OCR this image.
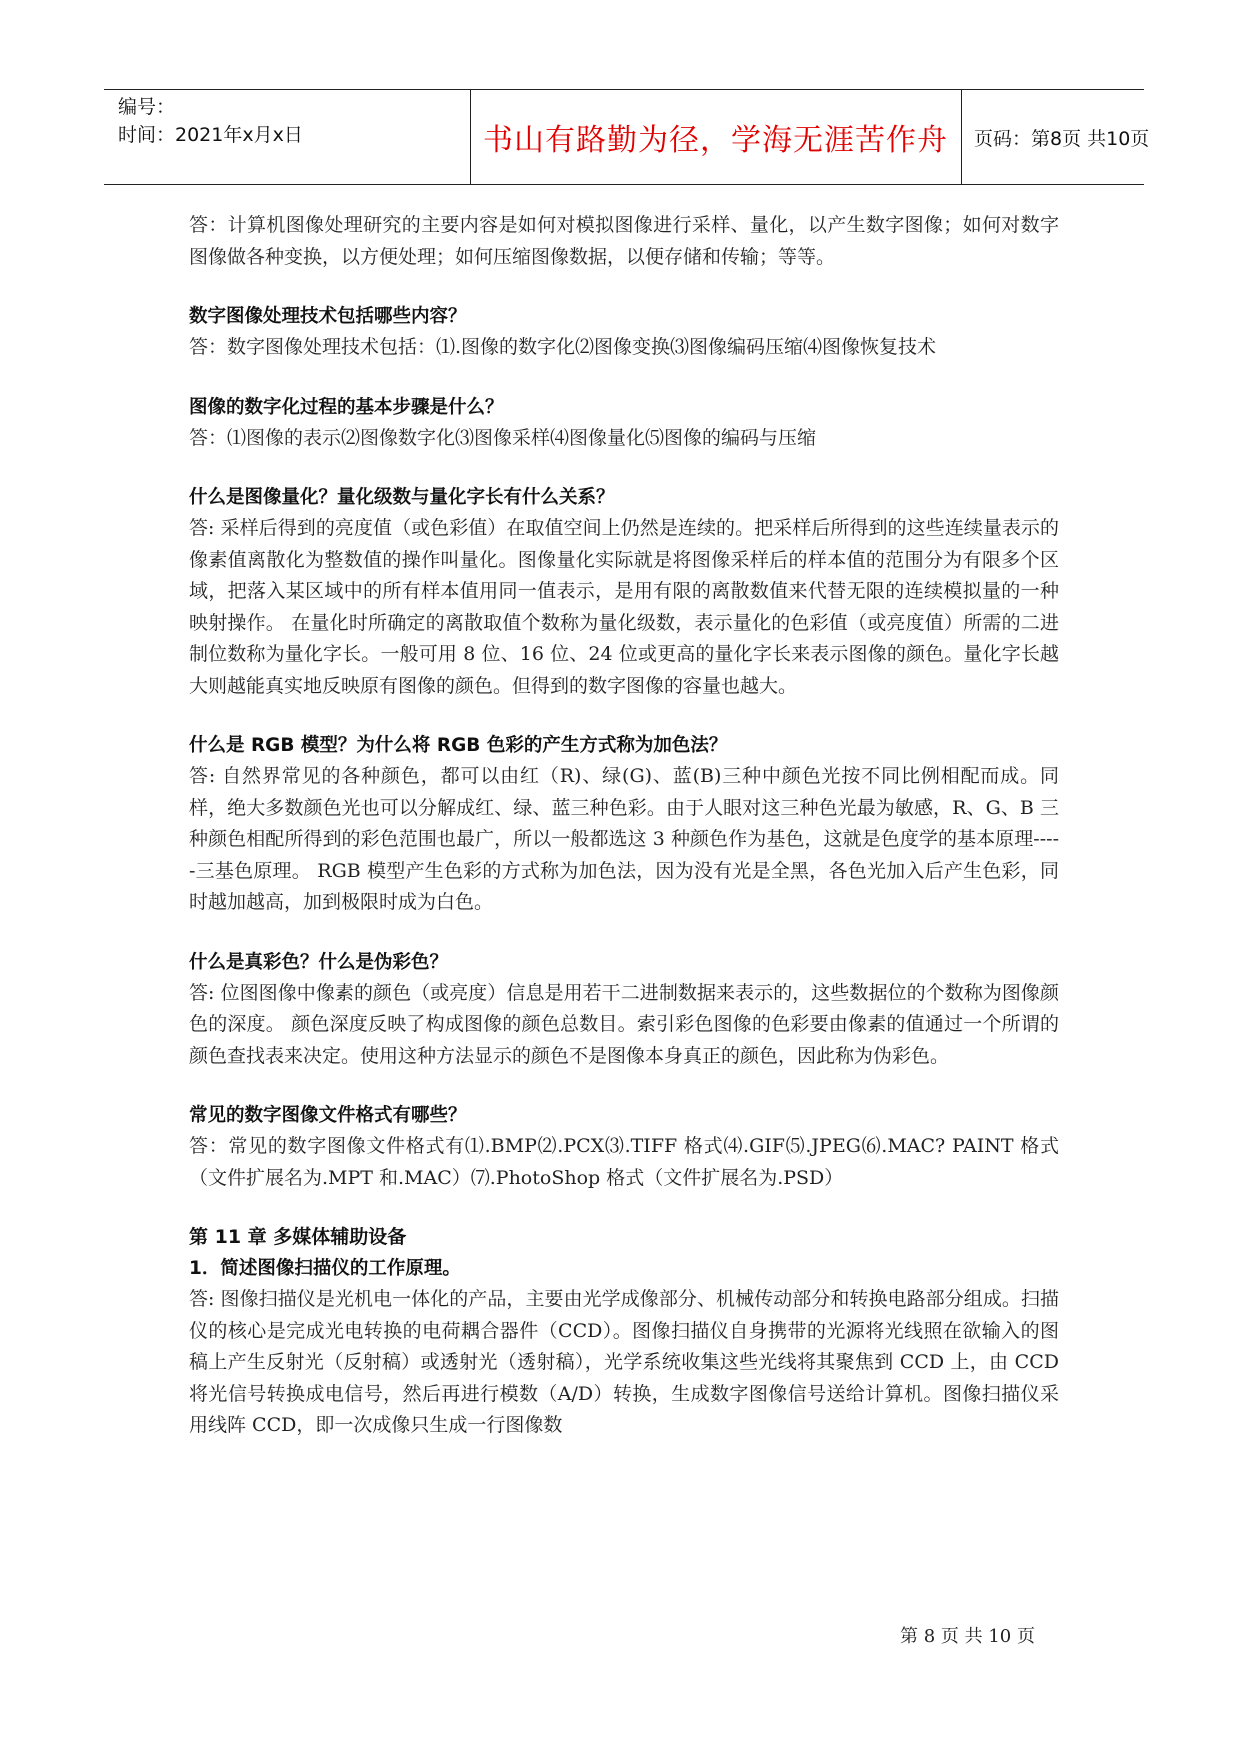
编号：
时间：2021年x月x日	书山有路勤为径，学海无涯苦作舟 页码：第8页 共10页

答：计算机图像处理研究的主要内容是如何对模拟图像进行采样、量化，以产生数字图像；如何对数字图像做各种变换，以方便处理；如何压缩图像数据，以便存储和传输；等等。

数字图像处理技术包括哪些内容？

答：数字图像处理技术包括：⑴.图像的数字化⑵图像变换⑶图像编码压缩⑷图像恢复技术

图像的数字化过程的基本步骤是什么？

答：⑴图像的表示⑵图像数字化⑶图像采样⑷图像量化⑸图像的编码与压缩

什么是图像量化？量化级数与量化字长有什么关系？

答: 采样后得到的亮度值（或色彩值）在取值空间上仍然是连续的。把采样后所得到的这些连续量表示的像素值离散化为整数值的操作叫量化。图像量化实际就是将图像采样后的样本值的范围分为有限多个区域，把落入某区域中的所有样本值用同一值表示，是用有限的离散数值来代替无限的连续模拟量的一种映射操作。 在量化时所确定的离散取值个数称为量化级数，表示量化的色彩值（或亮度值）所需的二进制位数称为量化字长。一般可用 8 位、16 位、24 位或更高的量化字长来表示图像的颜色。量化字长越大则越能真实地反映原有图像的颜色。但得到的数字图像的容量也越大。

什么是 RGB 模型？为什么将 RGB 色彩的产生方式称为加色法？

答: 自然界常见的各种颜色，都可以由红（R)、绿(G)、蓝(B)三种中颜色光按不同比例相配而成。同样，绝大多数颜色光也可以分解成红、绿、蓝三种色彩。由于人眼对这三种色光最为敏感，R、G、B 三种颜色相配所得到的彩色范围也最广，所以一般都选这 3 种颜色作为基色，这就是色度学的基本原理-----三基色原理。 RGB 模型产生色彩的方式称为加色法，因为没有光是全黑，各色光加入后产生色彩，同时越加越高，加到极限时成为白色。

什么是真彩色？什么是伪彩色？

答: 位图图像中像素的颜色（或亮度）信息是用若干二进制数据来表示的，这些数据位的个数称为图像颜色的深度。 颜色深度反映了构成图像的颜色总数目。索引彩色图像的色彩要由像素的值通过一个所谓的颜色查找表来决定。使用这种方法显示的颜色不是图像本身真正的颜色，因此称为伪彩色。

常见的数字图像文件格式有哪些？

答：常见的数字图像文件格式有⑴.BMP⑵.PCX⑶.TIFF 格式⑷.GIF⑸.JPEG⑹.MAC? PAINT 格式（文件扩展名为.MPT 和.MAC）⑺.PhotoShop 格式（文件扩展名为.PSD）

第 11 章 多媒体辅助设备

1．简述图像扫描仪的工作原理。

答: 图像扫描仪是光机电一体化的产品，主要由光学成像部分、机械传动部分和转换电路部分组成。扫描仪的核心是完成光电转换的电荷耦合器件（CCD）。图像扫描仪自身携带的光源将光线照在欲输入的图稿上产生反射光（反射稿）或透射光（透射稿），光学系统收集这些光线将其聚焦到 CCD 上，由 CCD 将光信号转换成电信号，然后再进行模数（A/D）转换，生成数字图像信号送给计算机。图像扫描仪采用线阵 CCD，即一次成像只生成一行图像数

第 8 页 共 10 页
